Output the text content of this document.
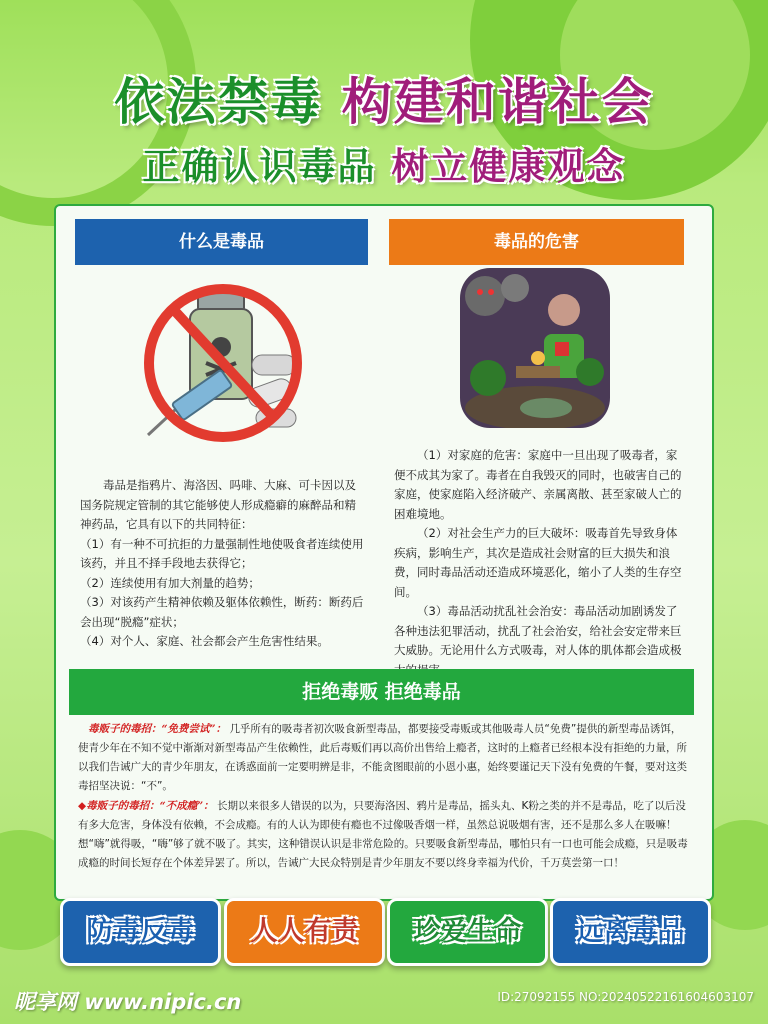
依法禁毒 构建和谐社会
正确认识毒品 树立健康观念
什么是毒品

毒品是指鸦片、海洛因、吗啡、大麻、可卡因以及国务院规定管制的其它能够使人形成瘾癖的麻醉品和精神药品，它具有以下的共同特征：

（1）有一种不可抗拒的力量强制性地使吸食者连续使用该药，并且不择手段地去获得它；

（2）连续使用有加大剂量的趋势；

（3）对该药产生精神依赖及躯体依赖性，断药：断药后会出现“脱瘾”症状；

（4）对个人、家庭、社会都会产生危害性结果。

毒品的危害

（1）对家庭的危害：家庭中一旦出现了吸毒者，家便不成其为家了。毒者在自我毁灭的同时，也破害自己的家庭，使家庭陷入经济破产、亲属离散、甚至家破人亡的困难境地。

（2）对社会生产力的巨大破坏：吸毒首先导致身体疾病，影响生产，其次是造成社会财富的巨大损失和浪费，同时毒品活动还造成环境恶化，缩小了人类的生存空间。

（3）毒品活动扰乱社会治安：毒品活动加剧诱发了各种违法犯罪活动，扰乱了社会治安，给社会安定带来巨大威胁。无论用什么方式吸毒，对人体的肌体都会造成极

拒绝毒贩 拒绝毒品
毒贩子的毒招：“免费尝试”： 几乎所有的吸毒者初次吸食新型毒品，都要接受毒贩或其他吸毒人员“免费”提供的新型毒品诱饵，使青少年在不知不觉中渐渐对新型毒品产生依赖性，此后毒贩们再以高价出售给上瘾者，这时的上瘾者已经根本没有拒绝的力量，所以我们告诫广大的青少年朋友，在诱惑面前一定要明辨是非，不能贪图眼前的小恩小惠，始终要谨记天下没有免费的午餐，要对这类毒招坚决说：“不”。
◆毒贩子的毒招：“不成瘾”： 长期以来很多人错误的以为，只要海洛因、鸦片是毒品，摇头丸、K粉之类的并不是毒品，吃了以后没有多大危害，身体没有依赖，不会成瘾。有的人认为即使有瘾也不过像吸香烟一样，虽然总说吸烟有害，还不是那么多人在吸嘛！想“嗨”就得吸，“嗨”够了就不吸了。其实，这种错误认识是非常危险的。只要吸食新型毒品，哪怕只有一口也可能会成瘾，只是吸毒成瘾的时间长短存在个体差异罢了。所以，告诫广大民众特别是青少年朋友不要以终身幸福为代价，千万莫尝第一口！
防毒反毒	人人有责	珍爱生命	远离毒品
昵享网 www.nipic.cn	ID:27092155 NO:20240522161604603107
